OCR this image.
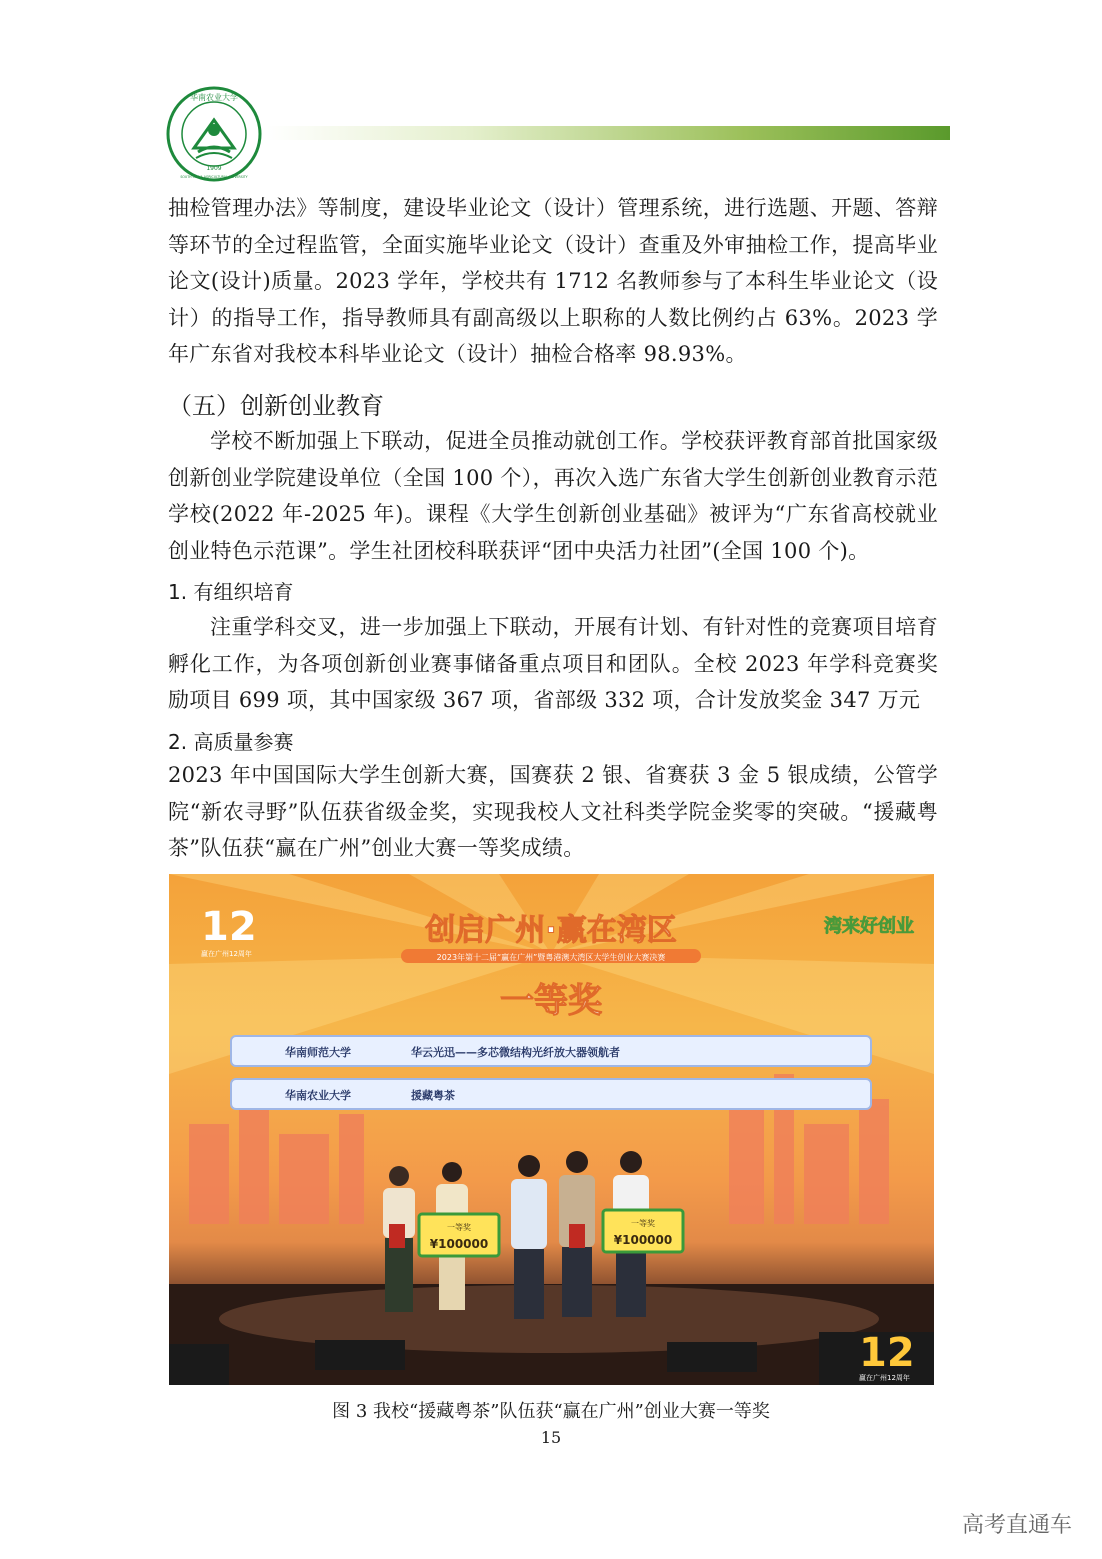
1909
华南农业大学
SOUTH CHINA AGRICULTURAL UNIVERSITY
抽检管理办法》等制度，建设毕业论文（设计）管理系统，进行选题、开题、答辩等环节的全过程监管，全面实施毕业论文（设计）查重及外审抽检工作，提高毕业论文(设计)质量。2023 学年，学校共有 1712 名教师参与了本科生毕业论文（设计）的指导工作，指导教师具有副高级以上职称的人数比例约占 63%。2023 学年广东省对我校本科毕业论文（设计）抽检合格率 98.93%。
（五）创新创业教育
学校不断加强上下联动，促进全员推动就创工作。学校获评教育部首批国家级创新创业学院建设单位（全国 100 个），再次入选广东省大学生创新创业教育示范学校(2022 年-2025 年)。课程《大学生创新创业基础》被评为“广东省高校就业创业特色示范课”。学生社团校科联获评“团中央活力社团”(全国 100 个)。
1. 有组织培育
注重学科交叉，进一步加强上下联动，开展有计划、有针对性的竞赛项目培育孵化工作，为各项创新创业赛事储备重点项目和团队。全校 2023 年学科竞赛奖励项目 699 项，其中国家级 367 项，省部级 332 项，合计发放奖金 347 万元
2. 高质量参赛
2023 年中国国际大学生创新大赛，国赛获 2 银、省赛获 3 金 5 银成绩，公管学院“新农寻野”队伍获省级金奖，实现我校人文社科类学院金奖零的突破。“援藏粤茶”队伍获“赢在广州”创业大赛一等奖成绩。
12
赢在广州12周年
创启广州·赢在湾区
2023年第十二届“赢在广州”暨粤港澳大湾区大学生创业大赛决赛
湾来好创业
一等奖
华南师范大学	华云光迅——多芯微结构光纤放大器领航者
华南农业大学	援藏粤茶
一等奖
¥100000
一等奖
¥100000
12
赢在广州12周年
图 3 我校“援藏粤茶”队伍获“赢在广州”创业大赛一等奖
15
高考直通车
